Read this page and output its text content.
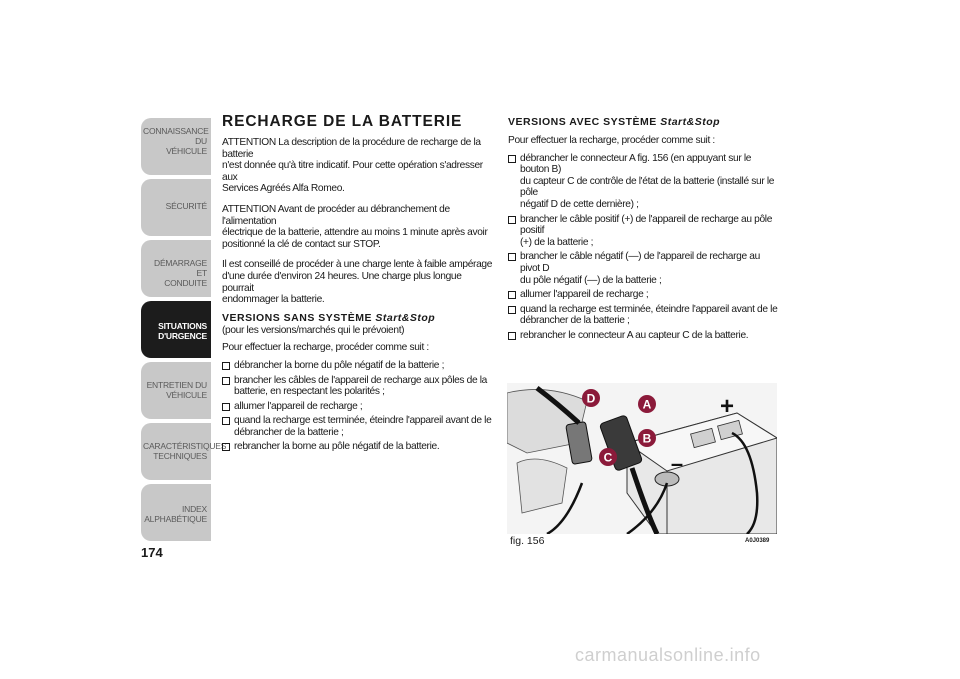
CONNAISSANCE DU
VÉHICULE
SÉCURITÉ
DÉMARRAGE ET
CONDUITE
SITUATIONS
D'URGENCE
ENTRETIEN DU
VÉHICULE
CARACTÉRISTIQUES
TECHNIQUES
INDEX
ALPHABÉTIQUE
174
RECHARGE DE LA BATTERIE

ATTENTION La description de la procédure de recharge de la batterie
n'est donnée qu'à titre indicatif. Pour cette opération s'adresser aux
Services Agréés Alfa Romeo.

ATTENTION Avant de procéder au débranchement de l'alimentation
électrique de la batterie, attendre au moins 1 minute après avoir
positionné la clé de contact sur STOP.

Il est conseillé de procéder à une charge lente à faible ampérage
d'une durée d'environ 24 heures. Une charge plus longue pourrait
endommager la batterie.

VERSIONS SANS SYSTÈME Start&Stop

(pour les versions/marchés qui le prévoient)

Pour effectuer la recharge, procéder comme suit :

débrancher la borne du pôle négatif de la batterie ;
brancher les câbles de l'appareil de recharge aux pôles de la
batterie, en respectant les polarités ;
allumer l'appareil de recharge ;
quand la recharge est terminée, éteindre l'appareil avant de le
débrancher de la batterie ;
rebrancher la borne au pôle négatif de la batterie.
VERSIONS AVEC SYSTÈME Start&Stop

Pour effectuer la recharge, procéder comme suit :

débrancher le connecteur A fig. 156 (en appuyant sur le bouton B)
du capteur C de contrôle de l'état de la batterie (installé sur le pôle
négatif D de cette dernière) ;
brancher le câble positif (+) de l'appareil de recharge au pôle positif
(+) de la batterie ;
brancher le câble négatif (—) de l'appareil de recharge au pivot D
du pôle négatif (—) de la batterie ;
allumer l'appareil de recharge ;
quand la recharge est terminée, éteindre l'appareil avant de le
débrancher de la batterie ;
rebrancher le connecteur A au capteur C de la batterie.
D	A
B
C
+
–
fig. 156	A0J0389
carmanualsonline.info
